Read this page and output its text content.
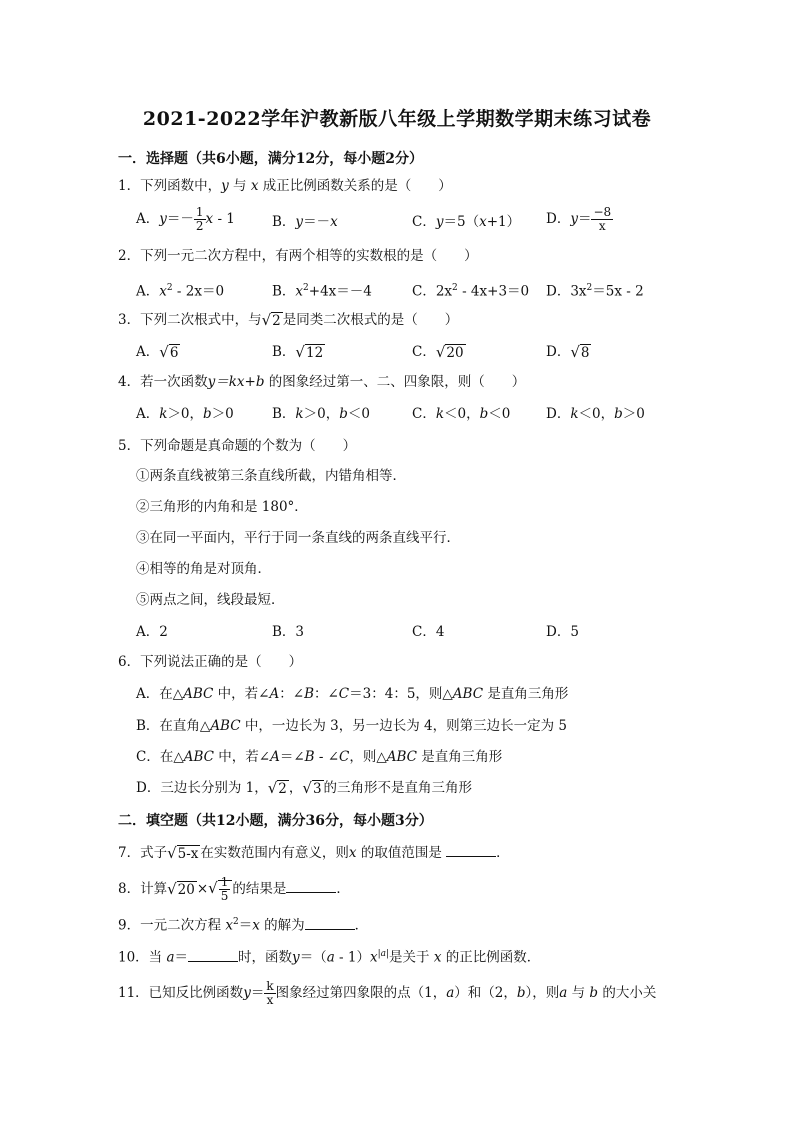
2021-2022学年沪教新版八年级上学期数学期末练习试卷
一．选择题（共6小题，满分12分，每小题2分）
1．下列函数中，y 与 x 成正比例函数关系的是（　　）
A．$y=- \frac{1}{2}$ x - 1	B．y＝－x	C．y＝5（x+1） D．$y= \frac{-8}{x}$
2．下列一元二次方程中，有两个相等的实数根的是（　　）
A．$x^2 - 2x=0$	B．$x^2+4x=-4$	C．$2x^2 - 4x+3=0$ D．$3x^2=5x - 2$
3．下列二次根式中，与√2 是同类二次根式的是（　　）
A．√6	B．√12	C．√20	D．√8
4．若一次函数y＝kx+b 的图象经过第一、二、四象限，则（　　）
A．k＞0，b＞0	B．k＞0，b＜0	C．k＜0，b＜0	D．k＜0，b＞0
5．下列命题是真命题的个数为（　　）
①两条直线被第三条直线所截，内错角相等．
②三角形的内角和是 180°．
③在同一平面内，平行于同一条直线的两条直线平行．
④相等的角是对顶角．
⑤两点之间，线段最短．
A．2	B．3	C．4	D．5
6．下列说法正确的是（　　）
A．在△ABC 中，若∠A：∠B：∠C＝3：4：5，则△ABC 是直角三角形
B．在直角△ABC 中，一边长为 3，另一边长为 4，则第三边长一定为 5
C．在△ABC 中，若∠A＝∠B - ∠C，则△ABC 是直角三角形
D．三边长分别为 1，√2 ，√3 的三角形不是直角三角形
二．填空题（共12小题，满分36分，每小题3分）
7．式子√5-x 在实数范围内有意义，则x 的取值范围是	．
8．计算√20 ×√ $\frac{1}{5}$ 的结果是	．
9．一元二次方程 $x^2=x$ 的解为	．
10．当 a＝	时，函数$y=(a - 1)x^{|a|}$是关于 x 的正比例函数．
11．已知反比例函数$y= \frac{k}{x}$ 图象经过第四象限的点（1，a）和（2，b），则a 与 b 的大小关
